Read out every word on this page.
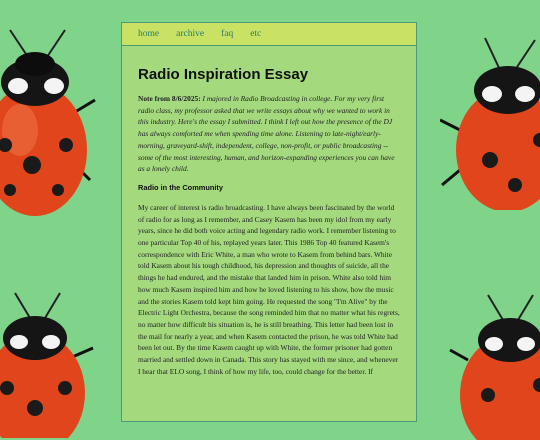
home archive faq etc
Radio Inspiration Essay

Note from 8/6/2025: I majored in Radio Broadcasting in college. For my very first radio class, my professor asked that we write essays about why we wanted to work in this industry. Here's the essay I submitted. I think I left out how the presence of the DJ has always comforted me when spending time alone. Listening to late-night/early-morning, graveyard-shift, independent, college, non-profit, or public broadcasting -- some of the most interesting, human, and horizon-expanding experiences you can have as a lonely child.

Radio in the Community

My career of interest is radio broadcasting. I have always been fascinated by the world of radio for as long as I remember, and Casey Kasem has been my idol from my early years, since he did both voice acting and legendary radio work. I remember listening to one particular Top 40 of his, replayed years later. This 1986 Top 40 featured Kasem's correspondence with Eric White, a man who wrote to Kasem from behind bars. White told Kasem about his tough childhood, his depression and thoughts of suicide, all the things he had endured, and the mistake that landed him in prison. White also told him how much Kasem inspired him and how he loved listening to his show, how the music and the stories Kasem told kept him going. He requested the song "I'm Alive" by the Electric Light Orchestra, because the song reminded him that no matter what his regrets, no matter how difficult his situation is, he is still breathing. This letter had been lost in the mail for nearly a year, and when Kasem contacted the prison, he was told White had been let out. By the time Kasem caught up with White, the former prisoner had gotten married and settled down in Canada. This story has stayed with me since, and whenever I hear that ELO song, I think of how my life, too, could change for the better. If
